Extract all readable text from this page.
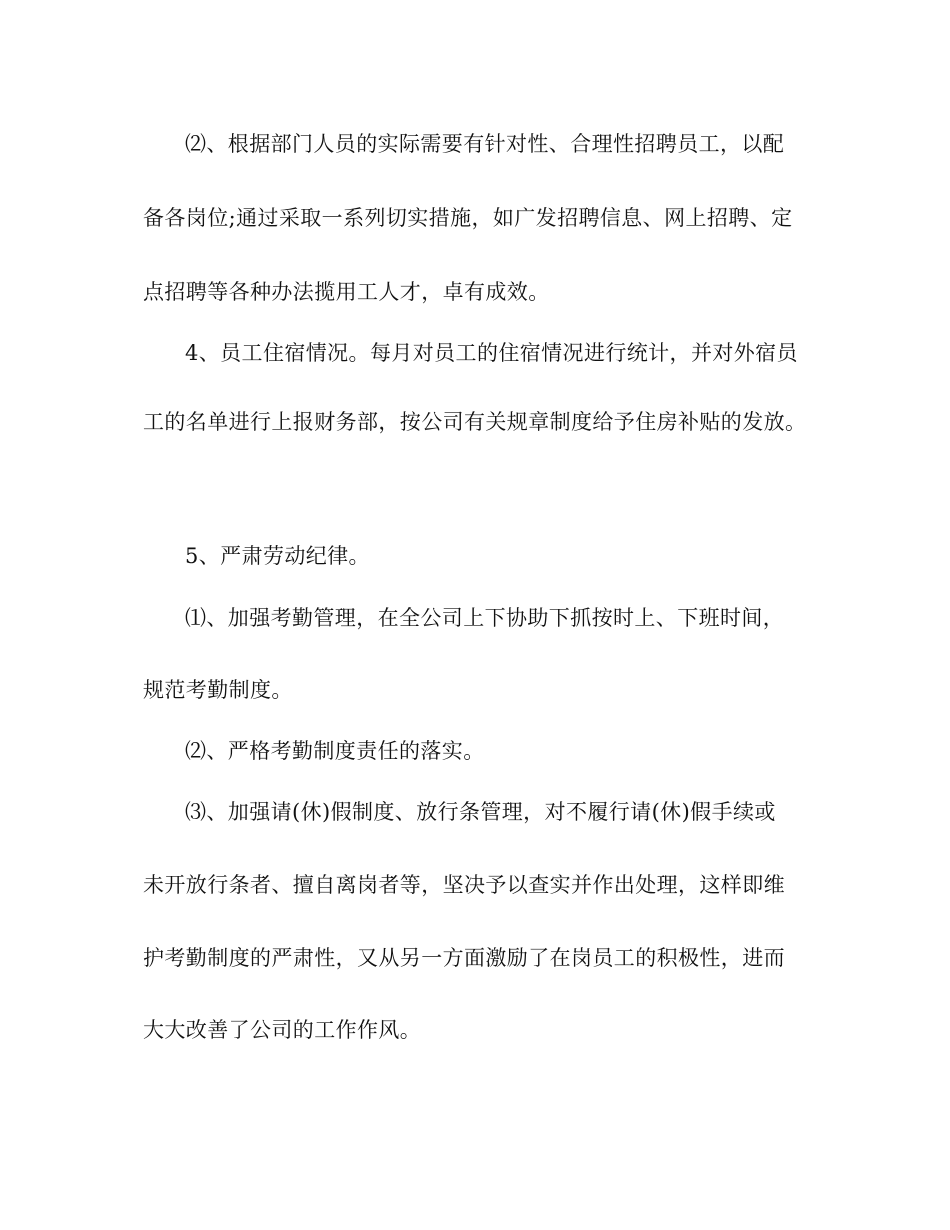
⑵、根据部门人员的实际需要有针对性、合理性招聘员工，以配
备各岗位;通过采取一系列切实措施，如广发招聘信息、网上招聘、定
点招聘等各种办法揽用工人才，卓有成效。
4、员工住宿情况。每月对员工的住宿情况进行统计，并对外宿员
工的名单进行上报财务部，按公司有关规章制度给予住房补贴的发放。
5、严肃劳动纪律。
⑴、加强考勤管理，在全公司上下协助下抓按时上、下班时间，
规范考勤制度。
⑵、严格考勤制度责任的落实。
⑶、加强请(休)假制度、放行条管理，对不履行请(休)假手续或
未开放行条者、擅自离岗者等，坚决予以查实并作出处理，这样即维
护考勤制度的严肃性，又从另一方面激励了在岗员工的积极性，进而
大大改善了公司的工作作风。
